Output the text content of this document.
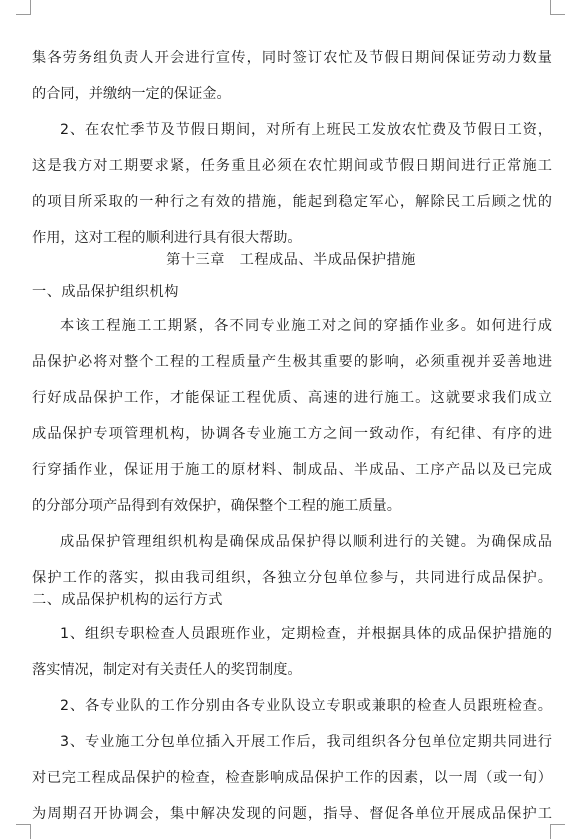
集各劳务组负责人开会进行宣传，同时签订农忙及节假日期间保证劳动力数量
的合同，并缴纳一定的保证金。
2、在农忙季节及节假日期间，对所有上班民工发放农忙费及节假日工资，
这是我方对工期要求紧，任务重且必须在农忙期间或节假日期间进行正常施工
的项目所采取的一种行之有效的措施，能起到稳定军心，解除民工后顾之忧的
作用，这对工程的顺利进行具有很大帮助。
第十三章　工程成品、半成品保护措施
一、成品保护组织机构
本该工程施工工期紧，各不同专业施工对之间的穿插作业多。如何进行成
品保护必将对整个工程的工程质量产生极其重要的影响，必须重视并妥善地进
行好成品保护工作，才能保证工程优质、高速的进行施工。这就要求我们成立
成品保护专项管理机构，协调各专业施工方之间一致动作，有纪律、有序的进
行穿插作业，保证用于施工的原材料、制成品、半成品、工序产品以及已完成
的分部分项产品得到有效保护，确保整个工程的施工质量。
成品保护管理组织机构是确保成品保护得以顺利进行的关键。为确保成品
保护工作的落实，拟由我司组织，各独立分包单位参与，共同进行成品保护。
二、成品保护机构的运行方式
1、组织专职检查人员跟班作业，定期检查，并根据具体的成品保护措施的
落实情况，制定对有关责任人的奖罚制度。
2、各专业队的工作分别由各专业队设立专职或兼职的检查人员跟班检查。
3、专业施工分包单位插入开展工作后，我司组织各分包单位定期共同进行
对已完工程成品保护的检查，检查影响成品保护工作的因素，以一周（或一旬）
为周期召开协调会，集中解决发现的问题，指导、督促各单位开展成品保护工
